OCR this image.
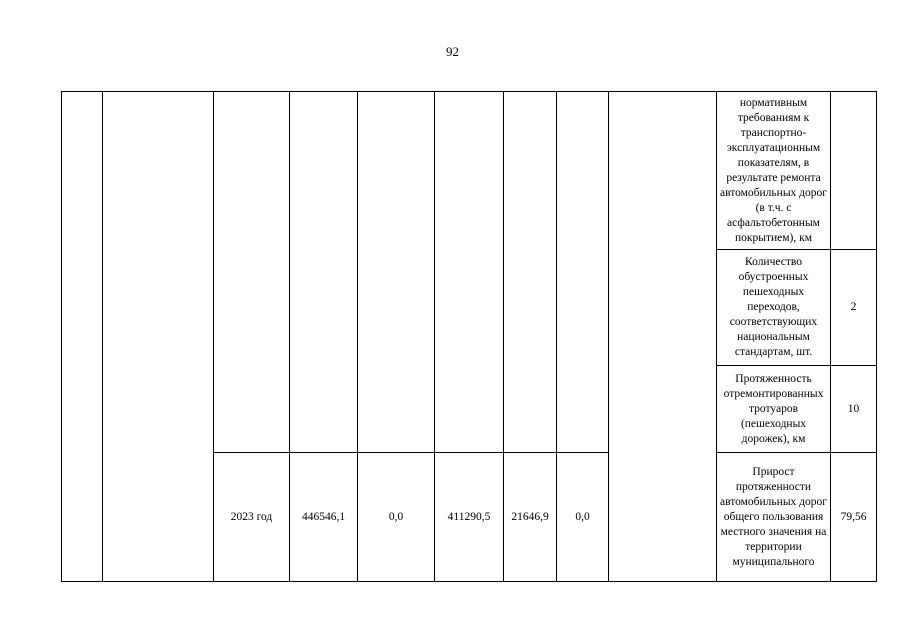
92
									нормативным требованиям к транспортно-эксплуатационным показателям, в результате ремонта автомобильных дорог (в т.ч. с асфальтобетонным покрытием), км	
									Количество обустроенных пешеходных переходов, соответствующих национальным стандартам, шт.	2
									Протяженность отремонтированных тротуаров (пешеходных дорожек), км	10
		2023 год	446546,1	0,0	411290,5	21646,9	0,0		Прирост протяженности автомобильных дорог общего пользования местного значения на территории муниципального	79,56
